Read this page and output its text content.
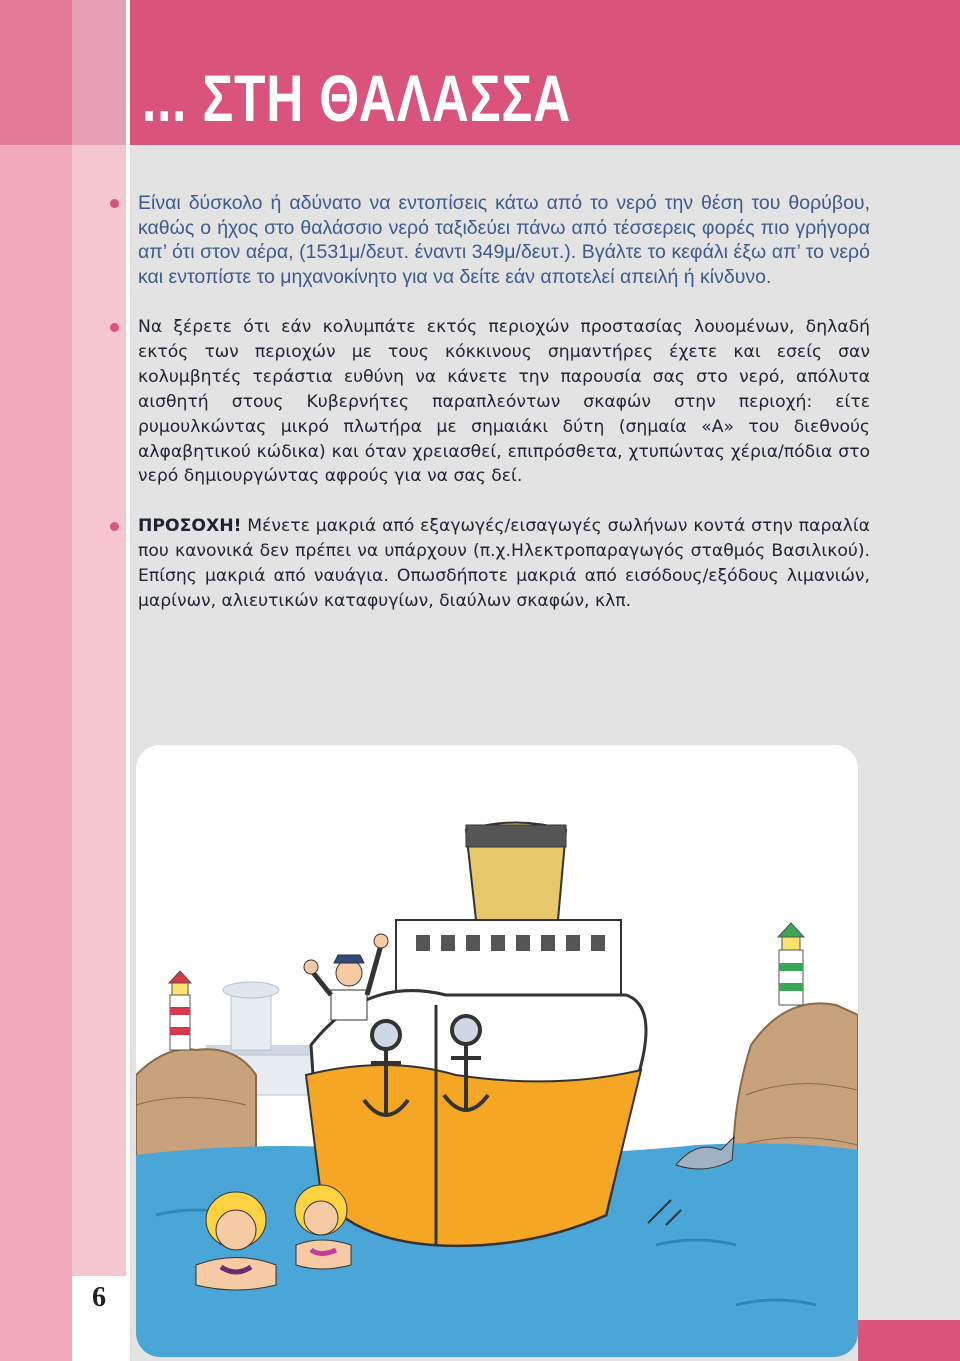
... ΣΤΗ ΘΑΛΑΣΣΑ
Είναι δύσκολο ή αδύνατο να εντοπίσεις κάτω από το νερό την θέση του θορύβου, καθώς ο ήχος στο θαλάσσιο νερό ταξιδεύει πάνω από τέσσερεις φορές πιο γρήγορα απ’ ότι στον αέρα, (1531μ/δευτ. έναντι 349μ/δευτ.). Βγάλτε το κεφάλι έξω απ’ το νερό και εντοπίστε το μηχανοκίνητο για να δείτε εάν αποτελεί απειλή ή κίνδυνο.
Να ξέρετε ότι εάν κολυμπάτε εκτός περιοχών προστασίας λουομένων, δηλαδή εκτός των περιοχών με τους κόκκινους σημαντήρες έχετε και εσείς σαν κολυμβητές τεράστια ευθύνη να κάνετε την παρουσία σας στο νερό, απόλυτα αισθητή στους Κυβερνήτες παραπλεόντων σκαφών στην περιοχή: είτε ρυμουλκώντας μικρό πλωτήρα με σημαιάκι δύτη (σημαία «Α» του διεθνούς αλφαβητικού κώδικα) και όταν χρειασθεί, επιπρόσθετα, χτυπώντας χέρια/πόδια στο νερό δημιουργώντας αφρούς για να σας δεί.
ΠΡΟΣΟΧΗ! Μένετε μακριά από εξαγωγές/εισαγωγές σωλήνων κοντά στην παραλία που κανονικά δεν πρέπει να υπάρχουν (π.χ.Ηλεκτροπαραγωγός σταθμός Βασιλικού). Επίσης μακριά από ναυάγια. Οπωσδήποτε μακριά από εισόδους/εξόδους λιμανιών, μαρίνων, αλιευτικών καταφυγίων, διαύλων σκαφών, κλπ.
6
